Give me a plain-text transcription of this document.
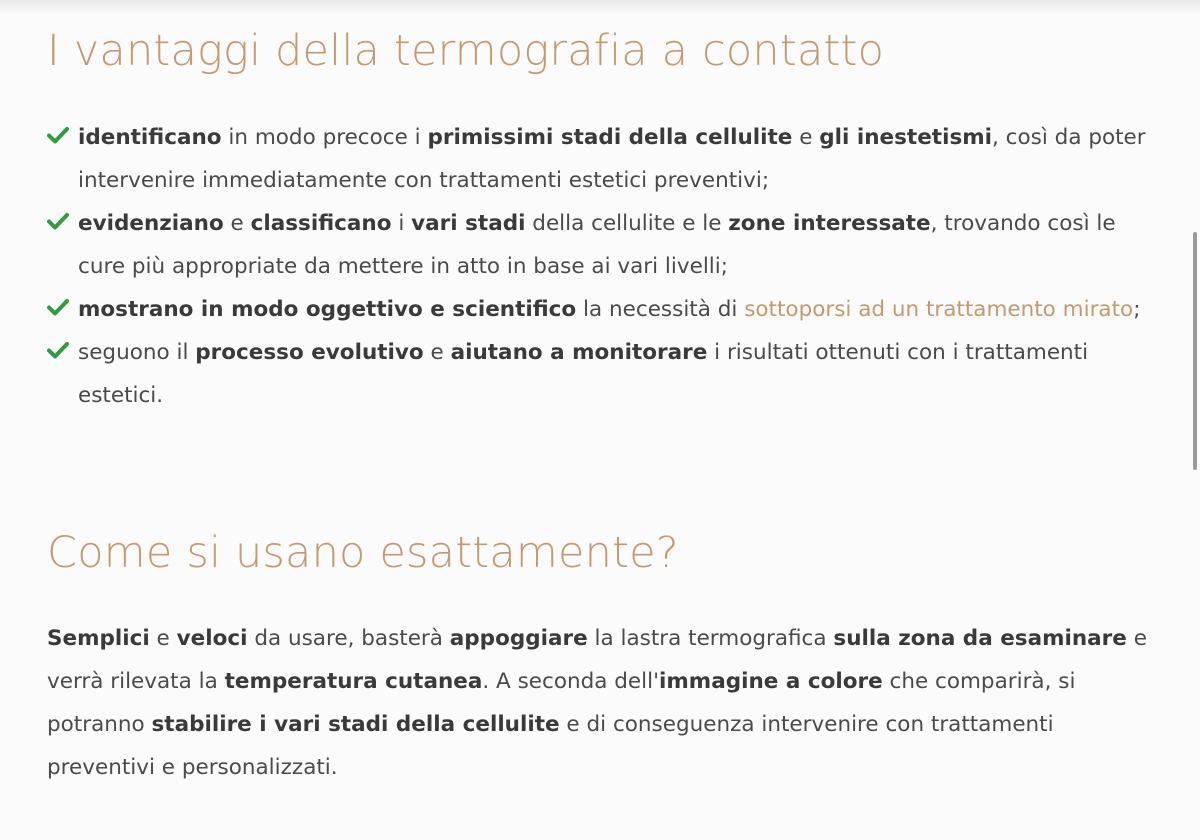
I vantaggi della termografia a contatto
identificano in modo precoce i primissimi stadi della cellulite e gli inestetismi, così da poter intervenire immediatamente con trattamenti estetici preventivi;
evidenziano e classificano i vari stadi della cellulite e le zone interessate, trovando così le cure più appropriate da mettere in atto in base ai vari livelli;
mostrano in modo oggettivo e scientifico la necessità di sottoporsi ad un trattamento mirato;
seguono il processo evolutivo e aiutano a monitorare i risultati ottenuti con i trattamenti estetici.
Come si usano esattamente?

Semplici e veloci da usare, basterà appoggiare la lastra termografica sulla zona da esaminare e verrà rilevata la temperatura cutanea. A seconda dell'immagine a colore che comparirà, si potranno stabilire i vari stadi della cellulite e di conseguenza intervenire con trattamenti preventivi e personalizzati.
